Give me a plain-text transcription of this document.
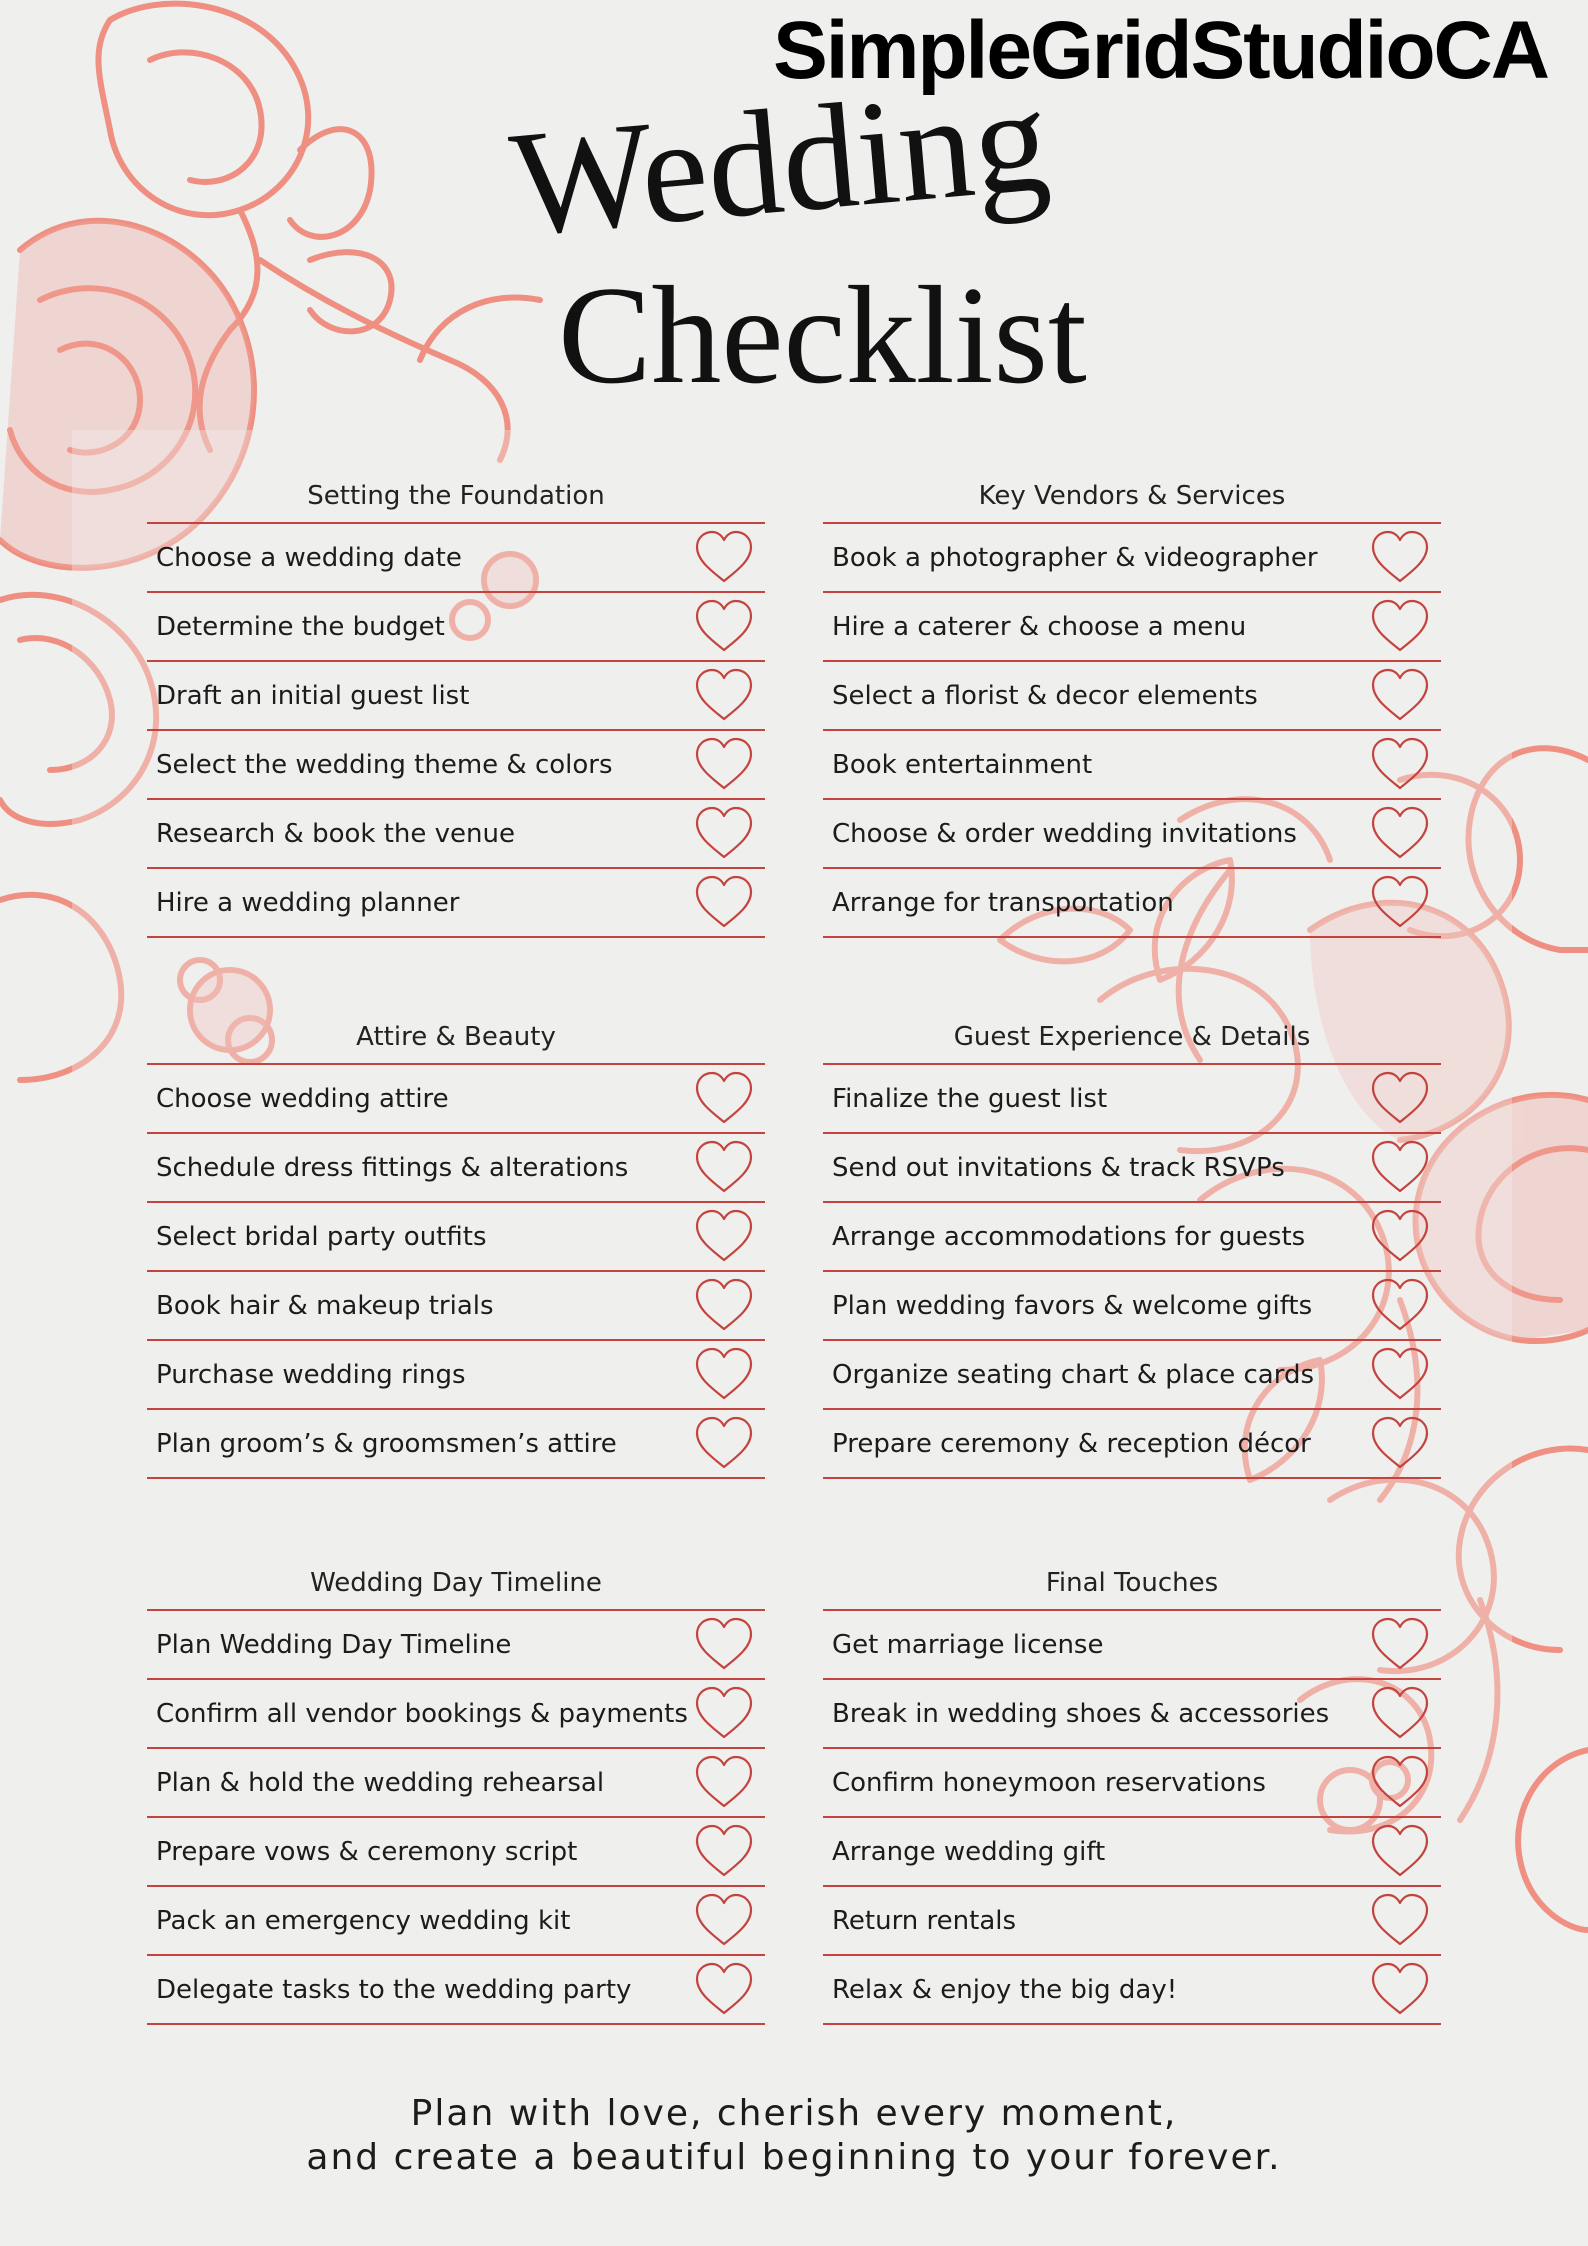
SimpleGridStudioCA
Wedding
Checklist
Setting the Foundation
Choose a wedding date
Determine the budget
Draft an initial guest list
Select the wedding theme & colors
Research & book the venue
Hire a wedding planner
Key Vendors & Services
Book a photographer & videographer
Hire a caterer & choose a menu
Select a florist & decor elements
Book entertainment
Choose & order wedding invitations
Arrange for transportation
Attire & Beauty
Choose wedding attire
Schedule dress fittings & alterations
Select bridal party outfits
Book hair & makeup trials
Purchase wedding rings
Plan groom’s & groomsmen’s attire
Guest Experience & Details
Finalize the guest list
Send out invitations & track RSVPs
Arrange accommodations for guests
Plan wedding favors & welcome gifts
Organize seating chart & place cards
Prepare ceremony & reception décor
Wedding Day Timeline
Plan Wedding Day Timeline
Confirm all vendor bookings & payments
Plan & hold the wedding rehearsal
Prepare vows & ceremony script
Pack an emergency wedding kit
Delegate tasks to the wedding party
Final Touches
Get marriage license
Break in wedding shoes & accessories
Confirm honeymoon reservations
Arrange wedding gift
Return rentals
Relax & enjoy the big day!
Plan with love, cherish every moment,
and create a beautiful beginning to your forever.
